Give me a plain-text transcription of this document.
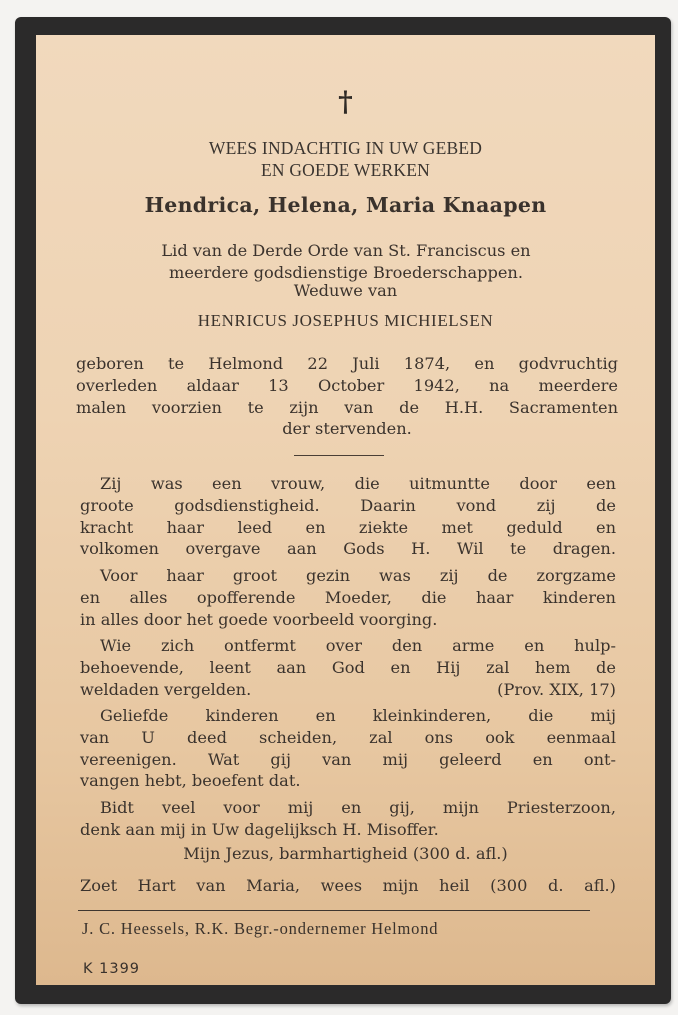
†

WEES INDACHTIG IN UW GEBED
EN GOEDE WERKEN

Hendrica, Helena, Maria Knaapen

Lid van de Derde Orde van St. Franciscus en
meerdere godsdienstige Broederschappen.

Weduwe van

HENRICUS JOSEPHUS MICHIELSEN

geboren te Helmond 22 Juli 1874, en godvruchtig
overleden aldaar 13 October 1942, na meerdere
malen voorzien te zijn van de H.H. Sacramenten
der stervenden.
Zij was een vrouw, die uitmuntte door een
groote godsdienstigheid. Daarin vond zij de
kracht haar leed en ziekte met geduld en
volkomen overgave aan Gods H. Wil te dragen.
Voor haar groot gezin was zij de zorgzame
en alles opofferende Moeder, die haar kinderen
in alles door het goede voorbeeld voorging.
Wie zich ontfermt over den arme en hulp-
behoevende, leent aan God en Hij zal hem de
weldaden vergelden.	(Prov. XIX, 17)
Geliefde kinderen en kleinkinderen, die mij
van U deed scheiden, zal ons ook eenmaal
vereenigen. Wat gij van mij geleerd en ont-
vangen hebt, beoefent dat.
Bidt veel voor mij en gij, mijn Priesterzoon,
denk aan mij in Uw dagelijksch H. Misoffer.

Mijn Jezus, barmhartigheid (300 d. afl.)

Zoet Hart van Maria, wees mijn heil (300 d. afl.)

J. C. Heessels, R.K. Begr.-ondernemer Helmond

K 1399
